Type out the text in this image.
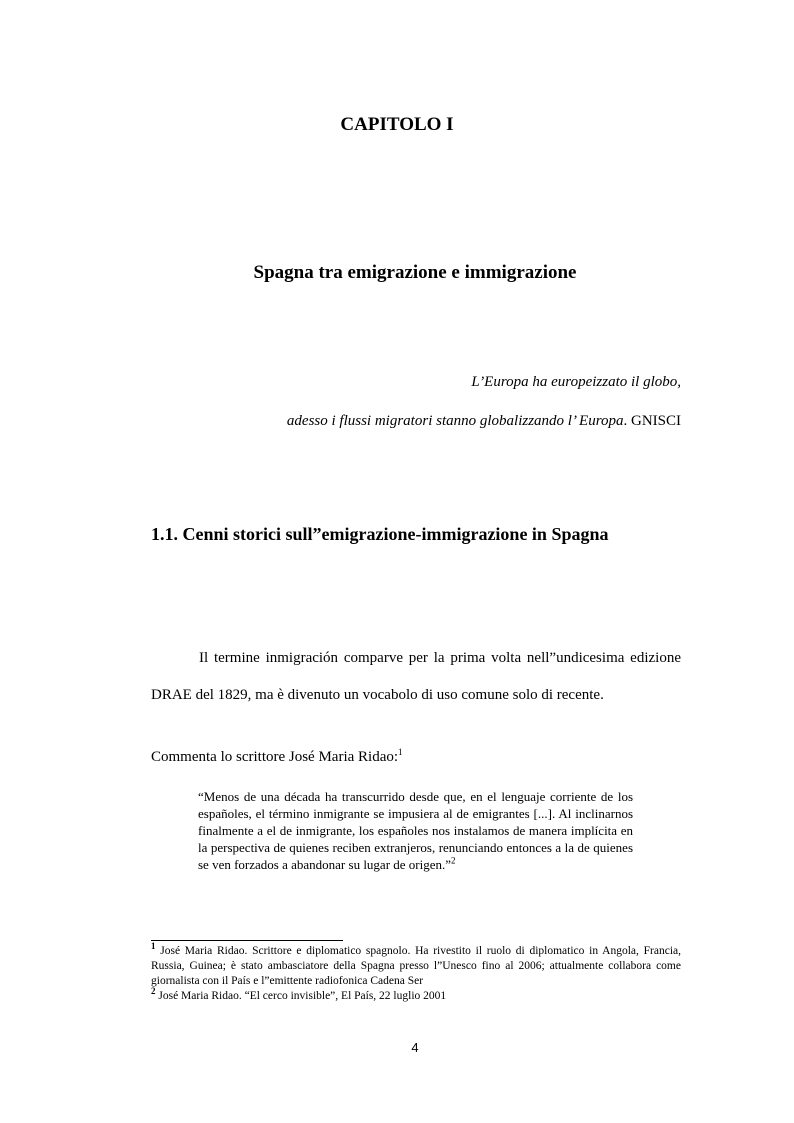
CAPITOLO I
Spagna tra emigrazione e immigrazione
L’Europa ha europeizzato il globo,
adesso i flussi migratori stanno globalizzando l’ Europa. GNISCI
1.1. Cenni storici sull”emigrazione-immigrazione in Spagna

Il termine inmigración comparve per la prima volta nell”undicesima edizione DRAE del 1829, ma è divenuto un vocabolo di uso comune solo di recente.

Commenta lo scrittore José Maria Ridao:$^1$
“Menos de una década ha transcurrido desde que, en el lenguaje corriente de los españoles, el término inmigrante se impusiera al de emigrantes [...]. Al inclinarnos finalmente a el de inmigrante, los españoles nos instalamos de manera implícita en la perspectiva de quienes reciben extranjeros, renunciando entonces a la de quienes se ven forzados a abandonar su lugar de origen.”$^2$

$^1$ José Maria Ridao. Scrittore e diplomatico spagnolo. Ha rivestito il ruolo di diplomatico in Angola, Francia, Russia, Guinea; è stato ambasciatore della Spagna presso l”Unesco fino al 2006; attualmente collabora come giornalista con il País e l”emittente radiofonica Cadena Ser

$^2$ José Maria Ridao. “El cerco invisible”, El País, 22 luglio 2001

4
